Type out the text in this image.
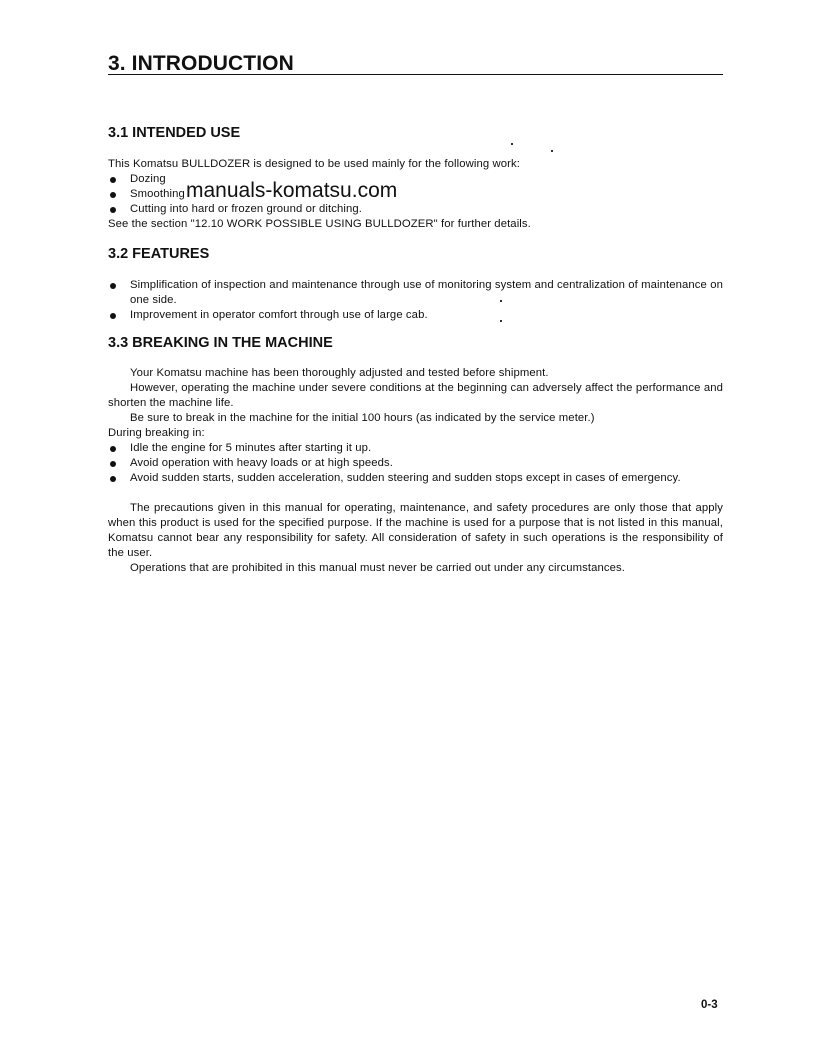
3. INTRODUCTION
3.1 INTENDED USE

This Komatsu BULLDOZER is designed to be used mainly for the following work:

Dozing
Smoothing
Cutting into hard or frozen ground or ditching.

See the section "12.10 WORK POSSIBLE USING BULLDOZER" for further details.

3.2 FEATURES
Simplification of inspection and maintenance through use of monitoring system and centralization of maintenance on one side.
Improvement in operator comfort through use of large cab.
3.3 BREAKING IN THE MACHINE

Your Komatsu machine has been thoroughly adjusted and tested before shipment.

However, operating the machine under severe conditions at the beginning can adversely affect the performance and shorten the machine life.

Be sure to break in the machine for the initial 100 hours (as indicated by the service meter.)

During breaking in:

Idle the engine for 5 minutes after starting it up.
Avoid operation with heavy loads or at high speeds.
Avoid sudden starts, sudden acceleration, sudden steering and sudden stops except in cases of emergency.

The precautions given in this manual for operating, maintenance, and safety procedures are only those that apply when this product is used for the specified purpose. If the machine is used for a purpose that is not listed in this manual, Komatsu cannot bear any responsibility for safety. All consideration of safety in such operations is the responsibility of the user.

Operations that are prohibited in this manual must never be carried out under any circumstances.

manuals-komatsu.com
0-3
